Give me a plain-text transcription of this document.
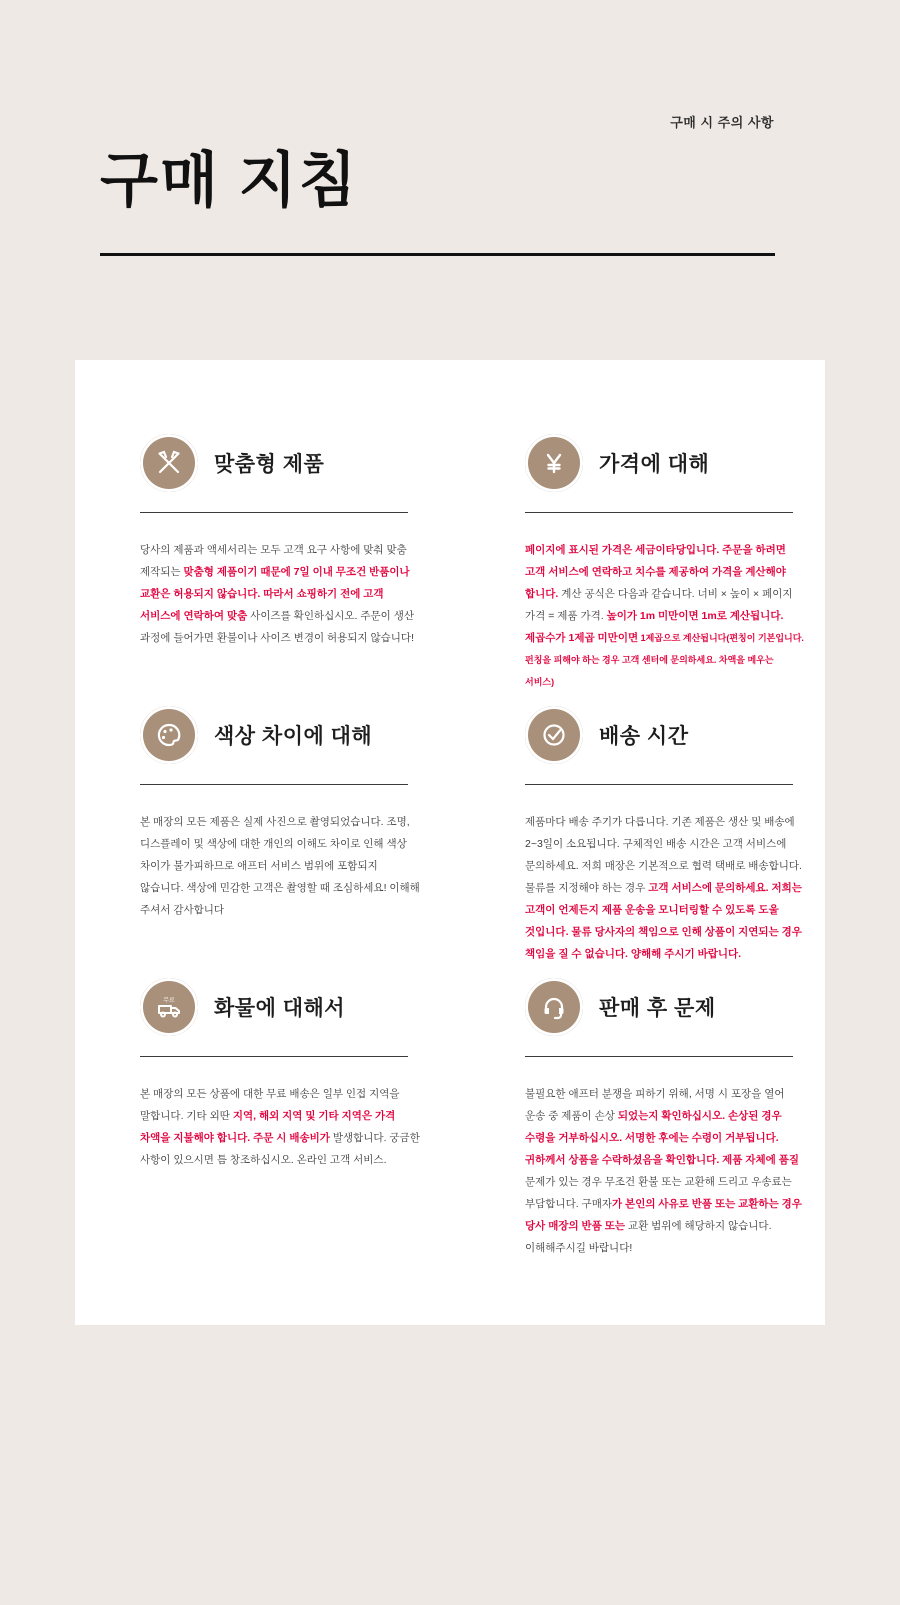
구매 시 주의 사항
구매 지침
맞춤형 제품
당사의 제품과 액세서리는 모두 고객 요구 사항에 맞춰 맞춤 제작되는 맞춤형 제품이기 때문에 7일 이내 무조건 반품이나 교환은 허용되지 않습니다. 따라서 쇼핑하기 전에 고객 서비스에 연락하여 맞춤 사이즈를 확인하십시오. 주문이 생산 과정에 들어가면 환불이나 사이즈 변경이 허용되지 않습니다!
가격에 대해
페이지에 표시된 가격은 세금이타당입니다. 주문을 하려면 고객 서비스에 연락하고 치수를 제공하여 가격을 계산해야 합니다. 계산 공식은 다음과 같습니다. 너비 × 높이 × 페이지 가격 = 제품 가격. 높이가 1m 미만이면 1m로 계산됩니다. 제곱수가 1제곱 미만이면 1제곱으로 계산됩니다(편칭이 기본입니다. 펀칭을 피해야 하는 경우 고객 센터에 문의하세요. 차액을 메우는 서비스)
색상 차이에 대해
본 매장의 모든 제품은 실제 사진으로 촬영되었습니다. 조명, 디스플레이 및 색상에 대한 개인의 이해도 차이로 인해 색상 차이가 불가피하므로 애프터 서비스 범위에 포함되지 않습니다. 색상에 민감한 고객은 촬영할 때 조심하세요! 이해해 주셔서 감사합니다
배송 시간
제품마다 배송 주기가 다릅니다. 기존 제품은 생산 및 배송에 2~3일이 소요됩니다. 구체적인 배송 시간은 고객 서비스에 문의하세요. 저희 매장은 기본적으로 협력 택배로 배송합니다. 물류를 지정해야 하는 경우 고객 서비스에 문의하세요. 저희는 고객이 언제든지 제품 운송을 모니터링할 수 있도록 도울 것입니다. 물류 당사자의 책임으로 인해 상품이 지연되는 경우 책임을 질 수 없습니다. 양해해 주시기 바랍니다.
무료 화물에 대해서
본 매장의 모든 상품에 대한 무료 배송은 일부 인접 지역을 말합니다. 기타 외딴 지역, 해외 지역 및 기타 지역은 가격 차액을 지불해야 합니다. 주문 시 배송비가 발생합니다. 궁금한 사항이 있으시면 틈 창조하십시오. 온라인 고객 서비스.
판매 후 문제
불필요한 애프터 분쟁을 피하기 위해, 서명 시 포장을 열어 운송 중 제품이 손상 되었는지 확인하십시오. 손상된 경우 수령을 거부하십시오. 서명한 후에는 수령이 거부됩니다. 귀하께서 상품을 수락하셨음을 확인합니다. 제품 자체에 품질 문제가 있는 경우 무조건 환불 또는 교환해 드리고 우송료는 부담합니다. 구매자가 본인의 사유로 반품 또는 교환하는 경우 당사 매장의 반품 또는 교환 범위에 해당하지 않습니다. 이해해주시길 바랍니다!
